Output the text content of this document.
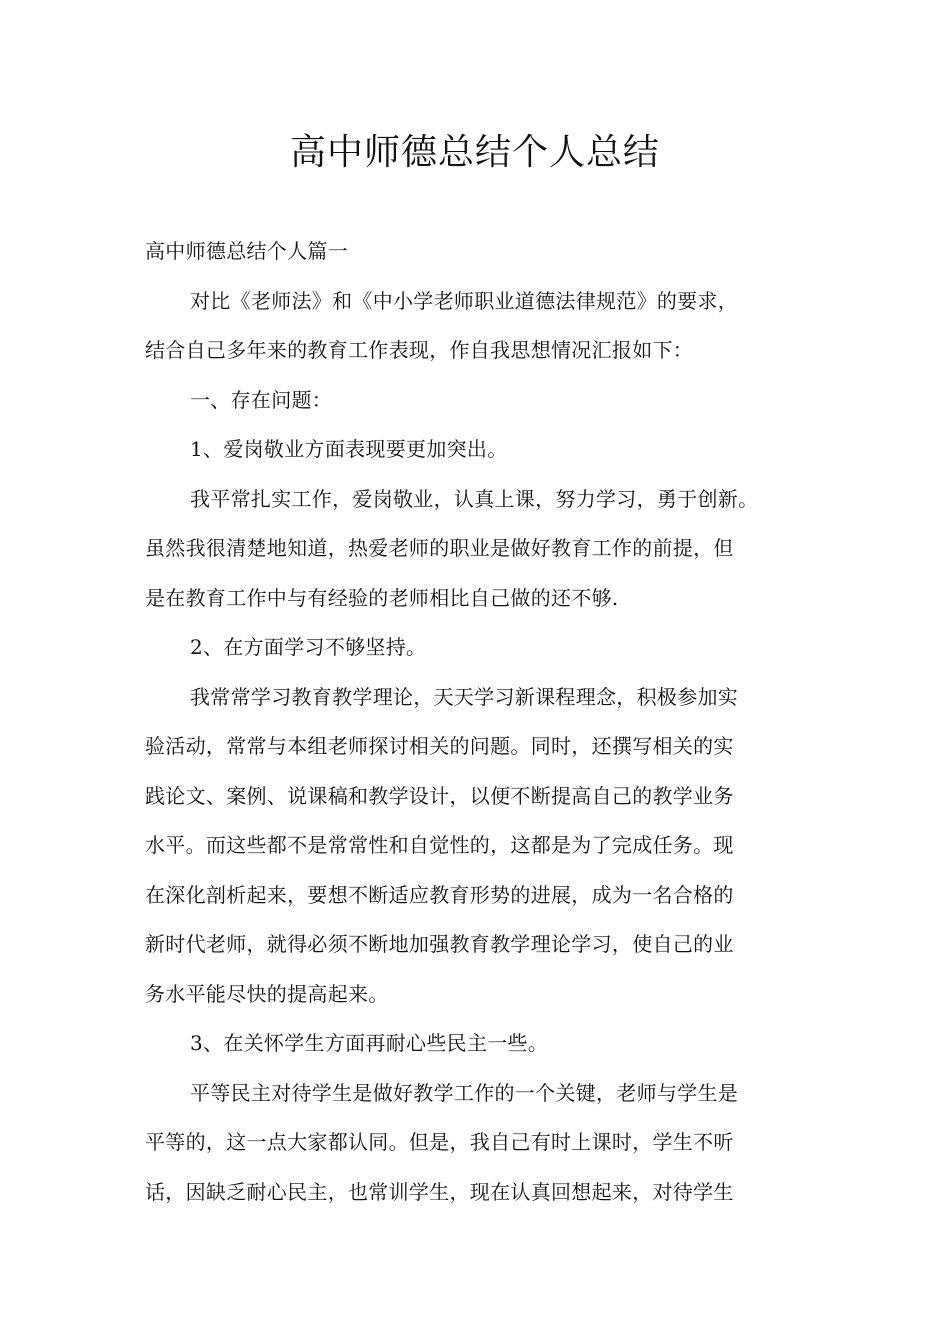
高中师德总结个人总结
高中师德总结个人篇一
对比《老师法》和《中小学老师职业道德法律规范》的要求，
结合自己多年来的教育工作表现，作自我思想情况汇报如下：
一、存在问题：
1、爱岗敬业方面表现要更加突出。
我平常扎实工作，爱岗敬业，认真上课，努力学习，勇于创新。
虽然我很清楚地知道，热爱老师的职业是做好教育工作的前提，但
是在教育工作中与有经验的老师相比自己做的还不够.
2、在方面学习不够坚持。
我常常学习教育教学理论，天天学习新课程理念，积极参加实
验活动，常常与本组老师探讨相关的问题。同时，还撰写相关的实
践论文、案例、说课稿和教学设计，以便不断提高自己的教学业务
水平。而这些都不是常常性和自觉性的，这都是为了完成任务。现
在深化剖析起来，要想不断适应教育形势的进展，成为一名合格的
新时代老师，就得必须不断地加强教育教学理论学习，使自己的业
务水平能尽快的提高起来。
3、在关怀学生方面再耐心些民主一些。
平等民主对待学生是做好教学工作的一个关键，老师与学生是
平等的，这一点大家都认同。但是，我自己有时上课时，学生不听
话，因缺乏耐心民主，也常训学生，现在认真回想起来，对待学生
